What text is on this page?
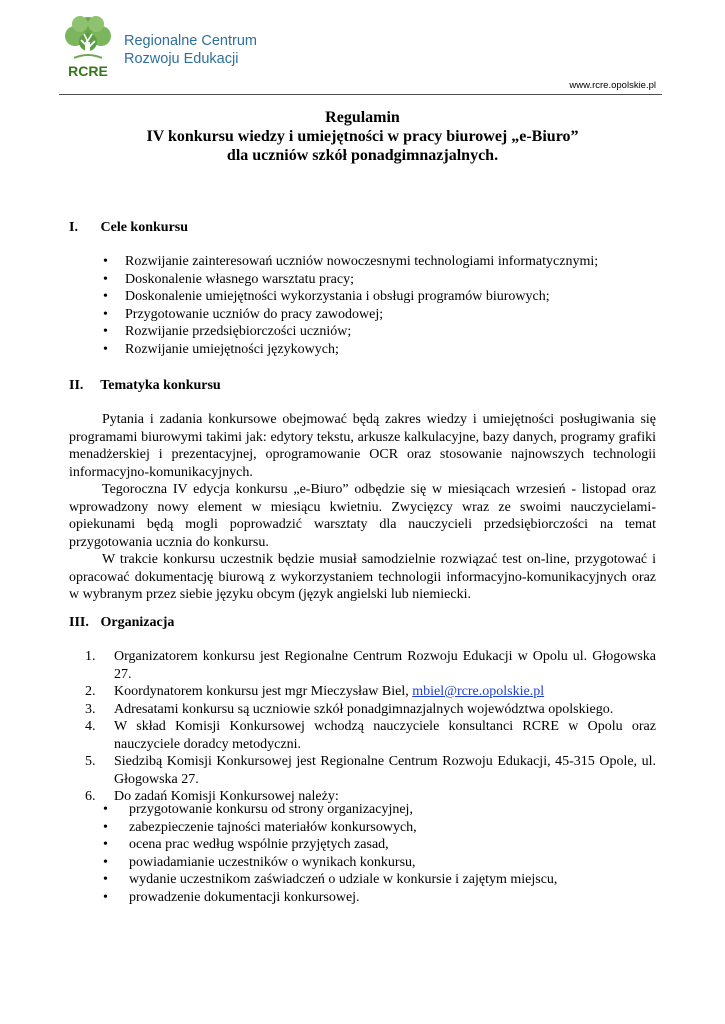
RCRE
Regionalne Centrum
Rozwoju Edukacji
www.rcre.opolskie.pl
Regulamin
IV konkursu wiedzy i umiejętności w pracy biurowej „e-Biuro”
dla uczniów szkół ponadgimnazjalnych.
I. Cele konkursu
• Rozwijanie zainteresowań uczniów nowoczesnymi technologiami informatycznymi;
• Doskonalenie własnego warsztatu pracy;
• Doskonalenie umiejętności wykorzystania i obsługi programów biurowych;
• Przygotowanie uczniów do pracy zawodowej;
• Rozwijanie przedsiębiorczości uczniów;
• Rozwijanie umiejętności językowych;
II. Tematyka konkursu

Pytania i zadania konkursowe obejmować będą zakres wiedzy i umiejętności posługiwania się programami biurowymi takimi jak: edytory tekstu, arkusze kalkulacyjne, bazy danych, programy grafiki menadżerskiej i prezentacyjnej, oprogramowanie OCR oraz stosowanie najnowszych technologii informacyjno-komunikacyjnych.

Tegoroczna IV edycja konkursu „e-Biuro” odbędzie się w miesiącach wrzesień - listopad oraz wprowadzony nowy element w miesiącu kwietniu. Zwycięzcy wraz ze swoimi nauczycielami-opiekunami będą mogli poprowadzić warsztaty dla nauczycieli przedsiębiorczości na temat przygotowania ucznia do konkursu.

W trakcie konkursu uczestnik będzie musiał samodzielnie rozwiązać test on-line, przygotować i opracować dokumentację biurową z wykorzystaniem technologii informacyjno-komunikacyjnych oraz w wybranym przez siebie języku obcym (język angielski lub niemiecki.

III. Organizacja
1. Organizatorem konkursu jest Regionalne Centrum Rozwoju Edukacji w Opolu ul. Głogowska 27.
2. Koordynatorem konkursu jest mgr Mieczysław Biel, mbiel@rcre.opolskie.pl
3. Adresatami konkursu są uczniowie szkół ponadgimnazjalnych województwa opolskiego.
4. W skład Komisji Konkursowej wchodzą nauczyciele konsultanci RCRE w Opolu oraz nauczyciele doradcy metodyczni.
5. Siedzibą Komisji Konkursowej jest Regionalne Centrum Rozwoju Edukacji, 45-315 Opole, ul. Głogowska 27.
6. Do zadań Komisji Konkursowej należy:
• przygotowanie konkursu od strony organizacyjnej,
• zabezpieczenie tajności materiałów konkursowych,
• ocena prac według wspólnie przyjętych zasad,
• powiadamianie uczestników o wynikach konkursu,
• wydanie uczestnikom zaświadczeń o udziale w konkursie i zajętym miejscu,
• prowadzenie dokumentacji konkursowej.
